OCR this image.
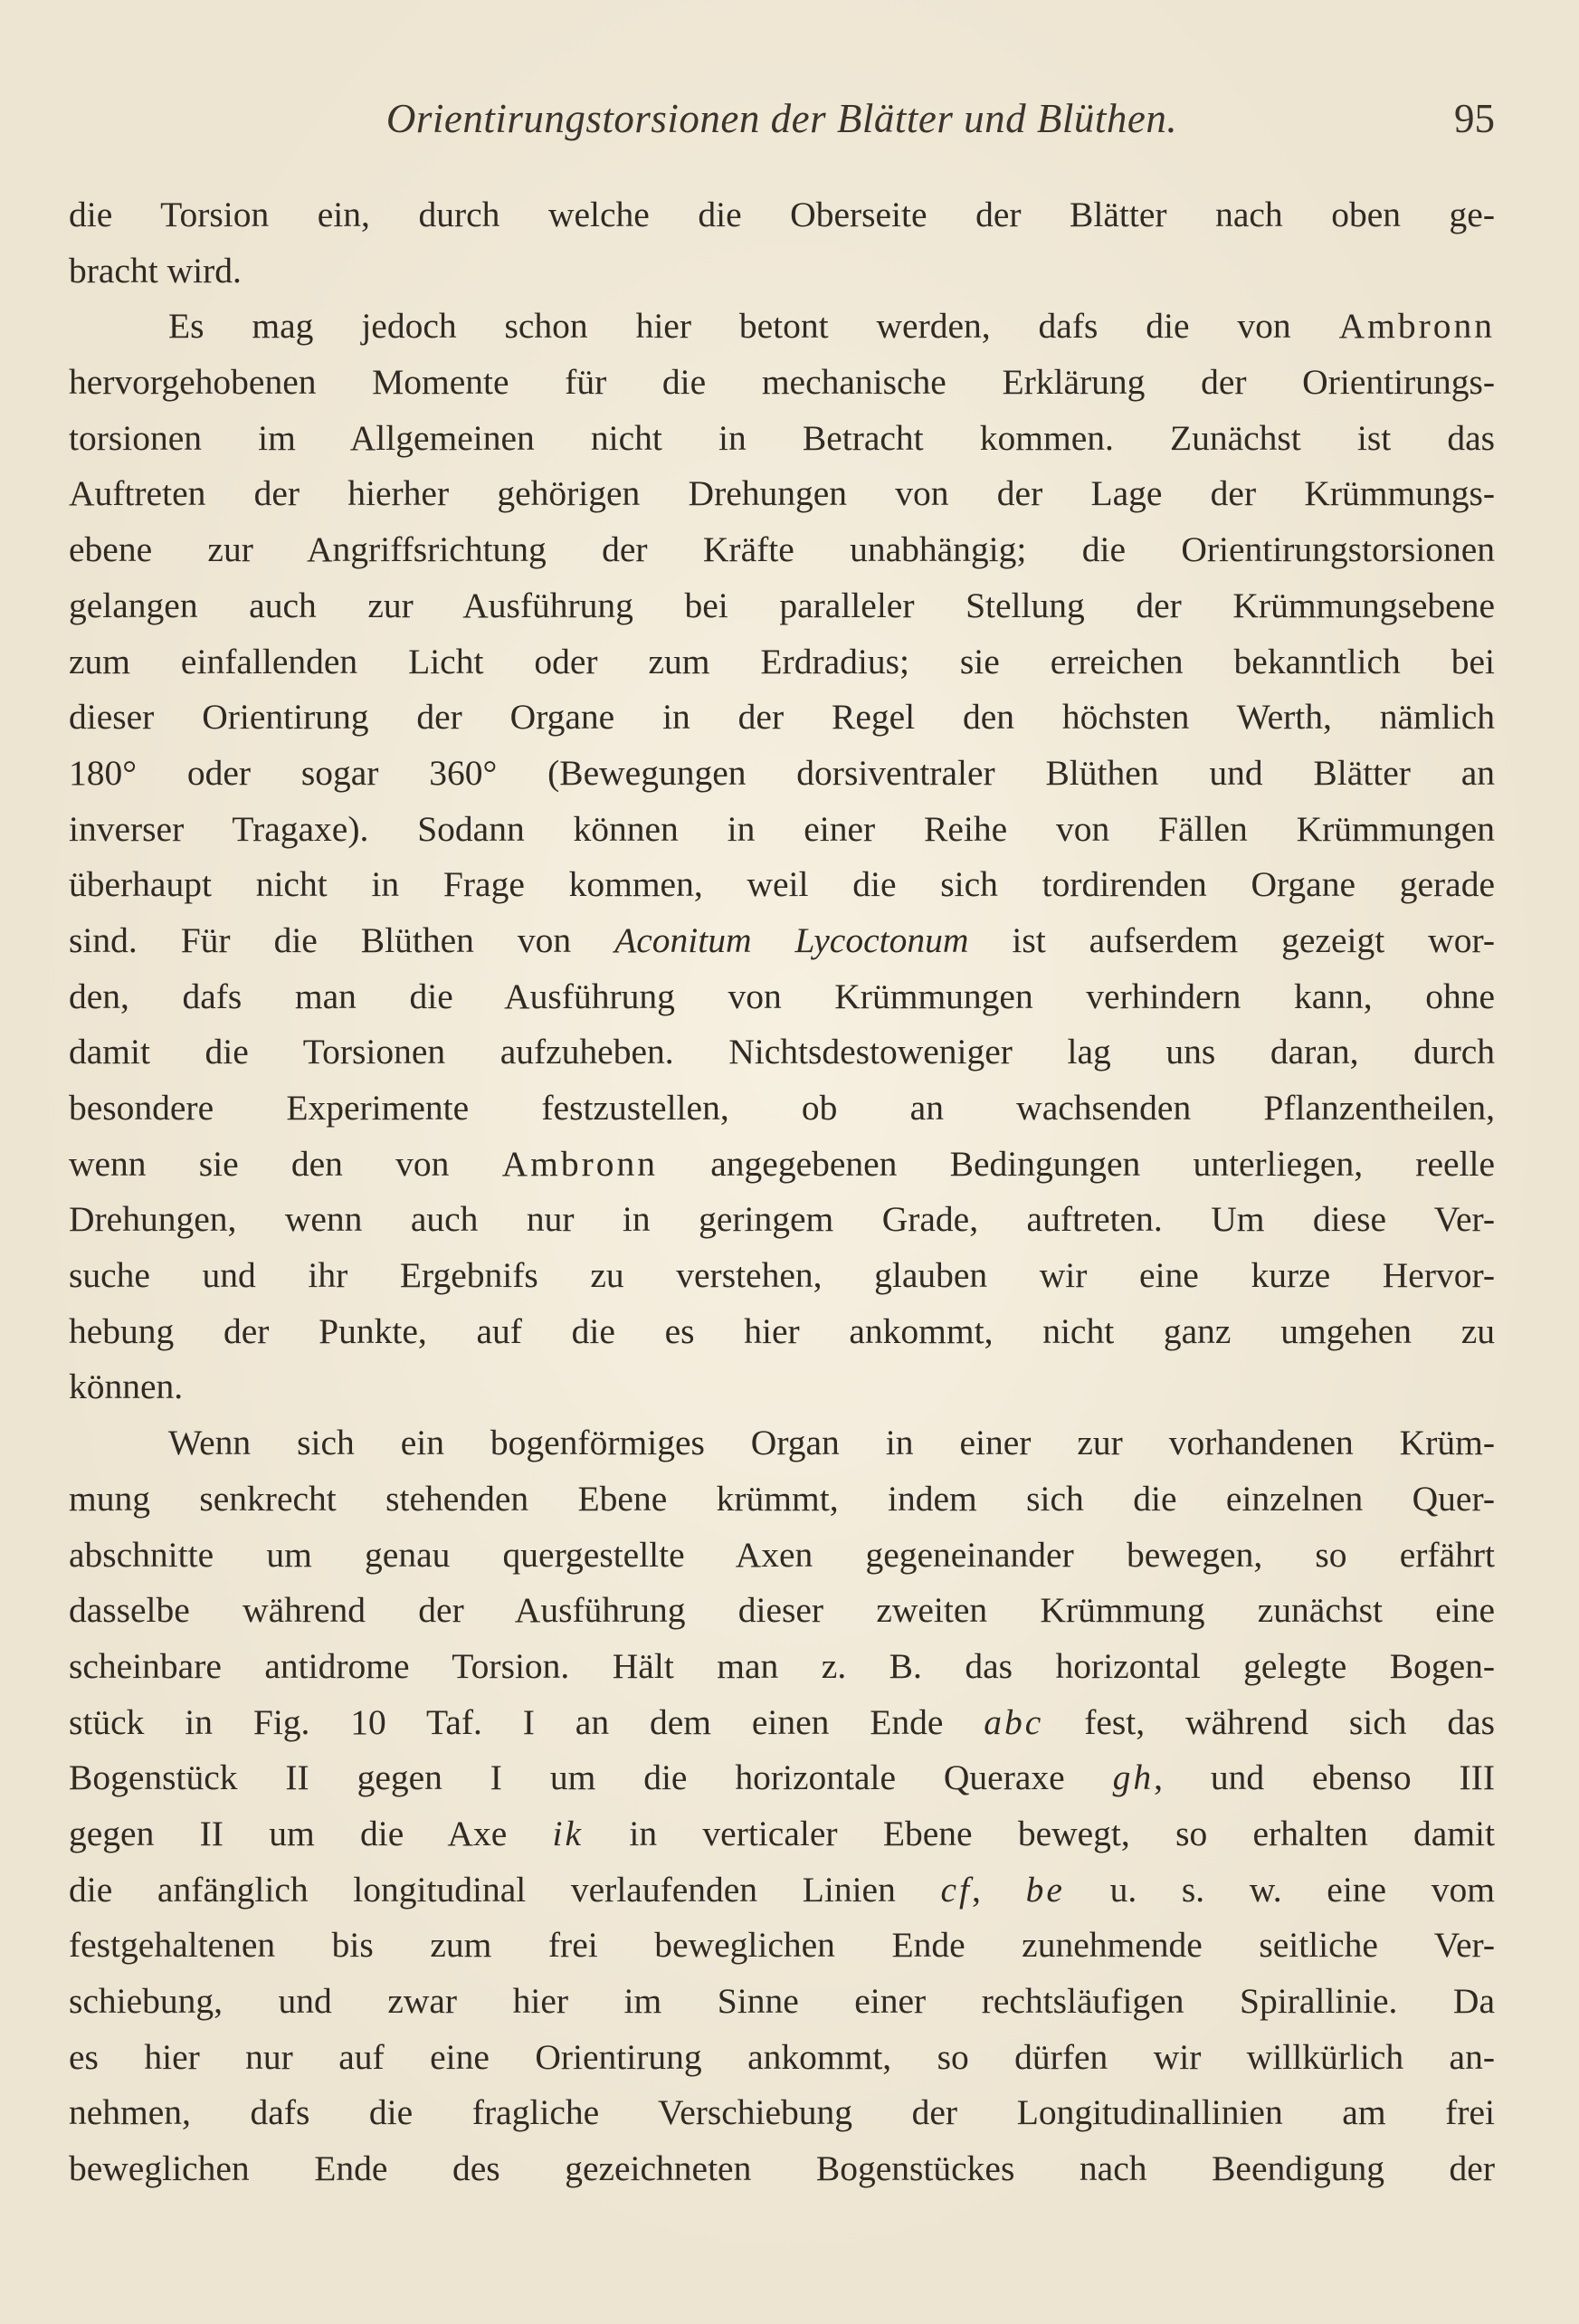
Orientirungstorsionen der Blätter und Blüthen.	95
die Torsion ein, durch welche die Oberseite der Blätter nach oben ge-
bracht wird.
Es mag jedoch schon hier betont werden, dafs die von Ambronn
hervorgehobenen Momente für die mechanische Erklärung der Orientirungs-
torsionen im Allgemeinen nicht in Betracht kommen. Zunächst ist das
Auftreten der hierher gehörigen Drehungen von der Lage der Krümmungs-
ebene zur Angriffsrichtung der Kräfte unabhängig; die Orientirungstorsionen
gelangen auch zur Ausführung bei paralleler Stellung der Krümmungsebene
zum einfallenden Licht oder zum Erdradius; sie erreichen bekanntlich bei
dieser Orientirung der Organe in der Regel den höchsten Werth, nämlich
180° oder sogar 360° (Bewegungen dorsiventraler Blüthen und Blätter an
inverser Tragaxe). Sodann können in einer Reihe von Fällen Krümmungen
überhaupt nicht in Frage kommen, weil die sich tordirenden Organe gerade
sind. Für die Blüthen von Aconitum Lycoctonum ist aufserdem gezeigt wor-
den, dafs man die Ausführung von Krümmungen verhindern kann, ohne
damit die Torsionen aufzuheben. Nichtsdestoweniger lag uns daran, durch
besondere Experimente festzustellen, ob an wachsenden Pflanzentheilen,
wenn sie den von Ambronn angegebenen Bedingungen unterliegen, reelle
Drehungen, wenn auch nur in geringem Grade, auftreten. Um diese Ver-
suche und ihr Ergebnifs zu verstehen, glauben wir eine kurze Hervor-
hebung der Punkte, auf die es hier ankommt, nicht ganz umgehen zu
können.
Wenn sich ein bogenförmiges Organ in einer zur vorhandenen Krüm-
mung senkrecht stehenden Ebene krümmt, indem sich die einzelnen Quer-
abschnitte um genau quergestellte Axen gegeneinander bewegen, so erfährt
dasselbe während der Ausführung dieser zweiten Krümmung zunächst eine
scheinbare antidrome Torsion. Hält man z. B. das horizontal gelegte Bogen-
stück in Fig. 10 Taf. I an dem einen Ende abc fest, während sich das
Bogenstück II gegen I um die horizontale Queraxe gh, und ebenso III
gegen II um die Axe ik in verticaler Ebene bewegt, so erhalten damit
die anfänglich longitudinal verlaufenden Linien cf, be u. s. w. eine vom
festgehaltenen bis zum frei beweglichen Ende zunehmende seitliche Ver-
schiebung, und zwar hier im Sinne einer rechtsläufigen Spirallinie. Da
es hier nur auf eine Orientirung ankommt, so dürfen wir willkürlich an-
nehmen, dafs die fragliche Verschiebung der Longitudinallinien am frei
beweglichen Ende des gezeichneten Bogenstückes nach Beendigung der
